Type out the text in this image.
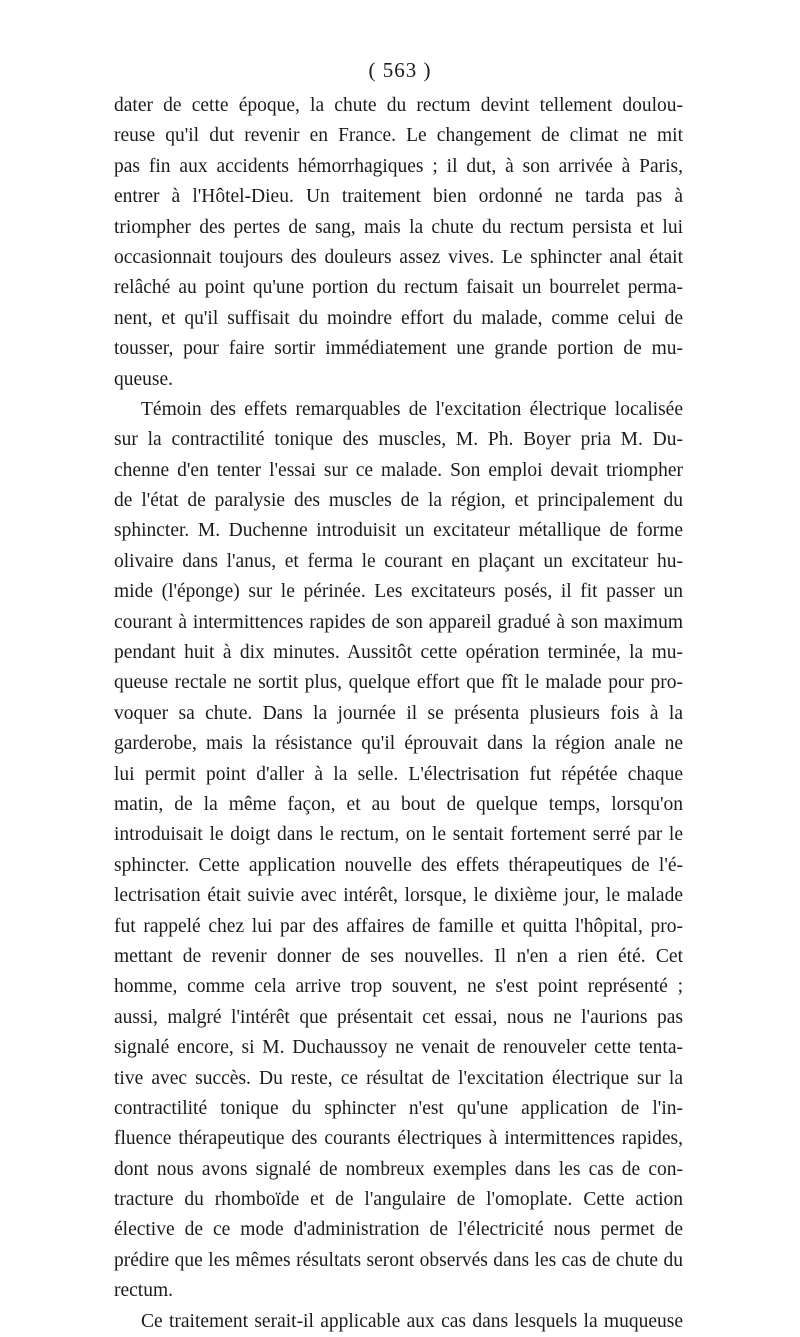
( 563 )
dater de cette époque, la chute du rectum devint tellement doulou-
reuse qu'il dut revenir en France. Le changement de climat ne mit
pas fin aux accidents hémorrhagiques ; il dut, à son arrivée à Paris,
entrer à l'Hôtel-Dieu. Un traitement bien ordonné ne tarda pas à
triompher des pertes de sang, mais la chute du rectum persista et lui
occasionnait toujours des douleurs assez vives. Le sphincter anal était
relâché au point qu'une portion du rectum faisait un bourrelet perma-
nent, et qu'il suffisait du moindre effort du malade, comme celui de
tousser, pour faire sortir immédiatement une grande portion de mu-
queuse.
Témoin des effets remarquables de l'excitation électrique localisée
sur la contractilité tonique des muscles, M. Ph. Boyer pria M. Du-
chenne d'en tenter l'essai sur ce malade. Son emploi devait triompher
de l'état de paralysie des muscles de la région, et principalement du
sphincter. M. Duchenne introduisit un excitateur métallique de forme
olivaire dans l'anus, et ferma le courant en plaçant un excitateur hu-
mide (l'éponge) sur le périnée. Les excitateurs posés, il fit passer un
courant à intermittences rapides de son appareil gradué à son maximum
pendant huit à dix minutes. Aussitôt cette opération terminée, la mu-
queuse rectale ne sortit plus, quelque effort que fît le malade pour pro-
voquer sa chute. Dans la journée il se présenta plusieurs fois à la
garderobe, mais la résistance qu'il éprouvait dans la région anale ne
lui permit point d'aller à la selle. L'électrisation fut répétée chaque
matin, de la même façon, et au bout de quelque temps, lorsqu'on
introduisait le doigt dans le rectum, on le sentait fortement serré par le
sphincter. Cette application nouvelle des effets thérapeutiques de l'é-
lectrisation était suivie avec intérêt, lorsque, le dixième jour, le malade
fut rappelé chez lui par des affaires de famille et quitta l'hôpital, pro-
mettant de revenir donner de ses nouvelles. Il n'en a rien été. Cet
homme, comme cela arrive trop souvent, ne s'est point représenté ;
aussi, malgré l'intérêt que présentait cet essai, nous ne l'aurions pas
signalé encore, si M. Duchaussoy ne venait de renouveler cette tenta-
tive avec succès. Du reste, ce résultat de l'excitation électrique sur la
contractilité tonique du sphincter n'est qu'une application de l'in-
fluence thérapeutique des courants électriques à intermittences rapides,
dont nous avons signalé de nombreux exemples dans les cas de con-
tracture du rhomboïde et de l'angulaire de l'omoplate. Cette action
élective de ce mode d'administration de l'électricité nous permet de
prédire que les mêmes résultats seront observés dans les cas de chute du
rectum.
Ce traitement serait-il applicable aux cas dans lesquels la muqueuse
